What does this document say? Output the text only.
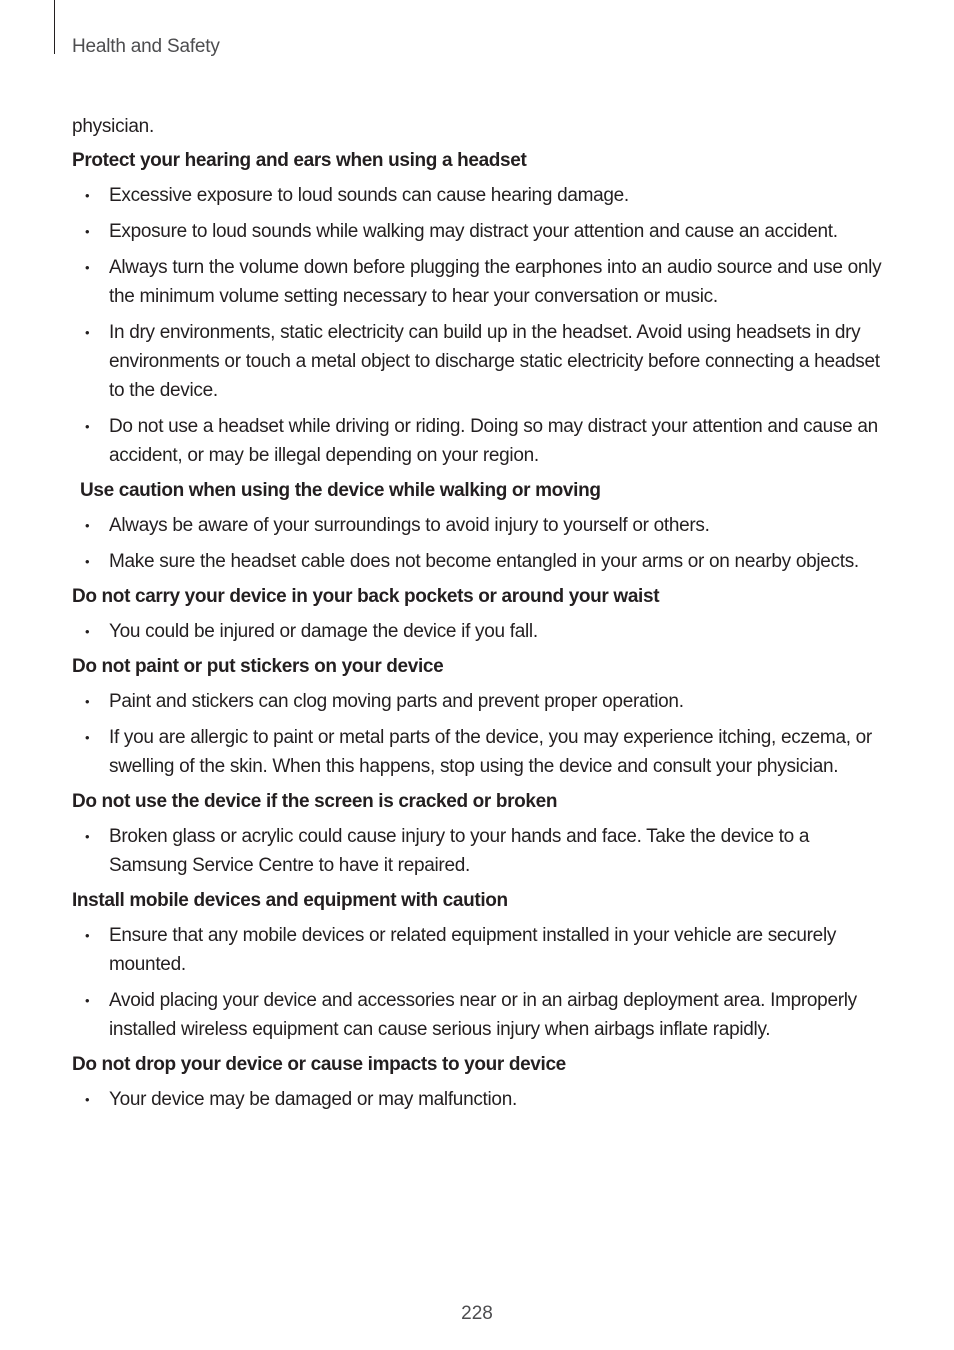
Health and Safety

physician.

Protect your hearing and ears when using a headset
• Excessive exposure to loud sounds can cause hearing damage.
• Exposure to loud sounds while walking may distract your attention and cause an accident.
• Always turn the volume down before plugging the earphones into an audio source and use only the minimum volume setting necessary to hear your conversation or music.
• In dry environments, static electricity can build up in the headset. Avoid using headsets in dry environments or touch a metal object to discharge static electricity before connecting a headset to the device.
• Do not use a headset while driving or riding. Doing so may distract your attention and cause an accident, or may be illegal depending on your region.
Use caution when using the device while walking or moving
• Always be aware of your surroundings to avoid injury to yourself or others.
• Make sure the headset cable does not become entangled in your arms or on nearby objects.
Do not carry your device in your back pockets or around your waist
• You could be injured or damage the device if you fall.
Do not paint or put stickers on your device
• Paint and stickers can clog moving parts and prevent proper operation.
• If you are allergic to paint or metal parts of the device, you may experience itching, eczema, or swelling of the skin. When this happens, stop using the device and consult your physician.
Do not use the device if the screen is cracked or broken
• Broken glass or acrylic could cause injury to your hands and face. Take the device to a Samsung Service Centre to have it repaired.
Install mobile devices and equipment with caution
• Ensure that any mobile devices or related equipment installed in your vehicle are securely mounted.
• Avoid placing your device and accessories near or in an airbag deployment area. Improperly installed wireless equipment can cause serious injury when airbags inflate rapidly.
Do not drop your device or cause impacts to your device
• Your device may be damaged or may malfunction.
228
